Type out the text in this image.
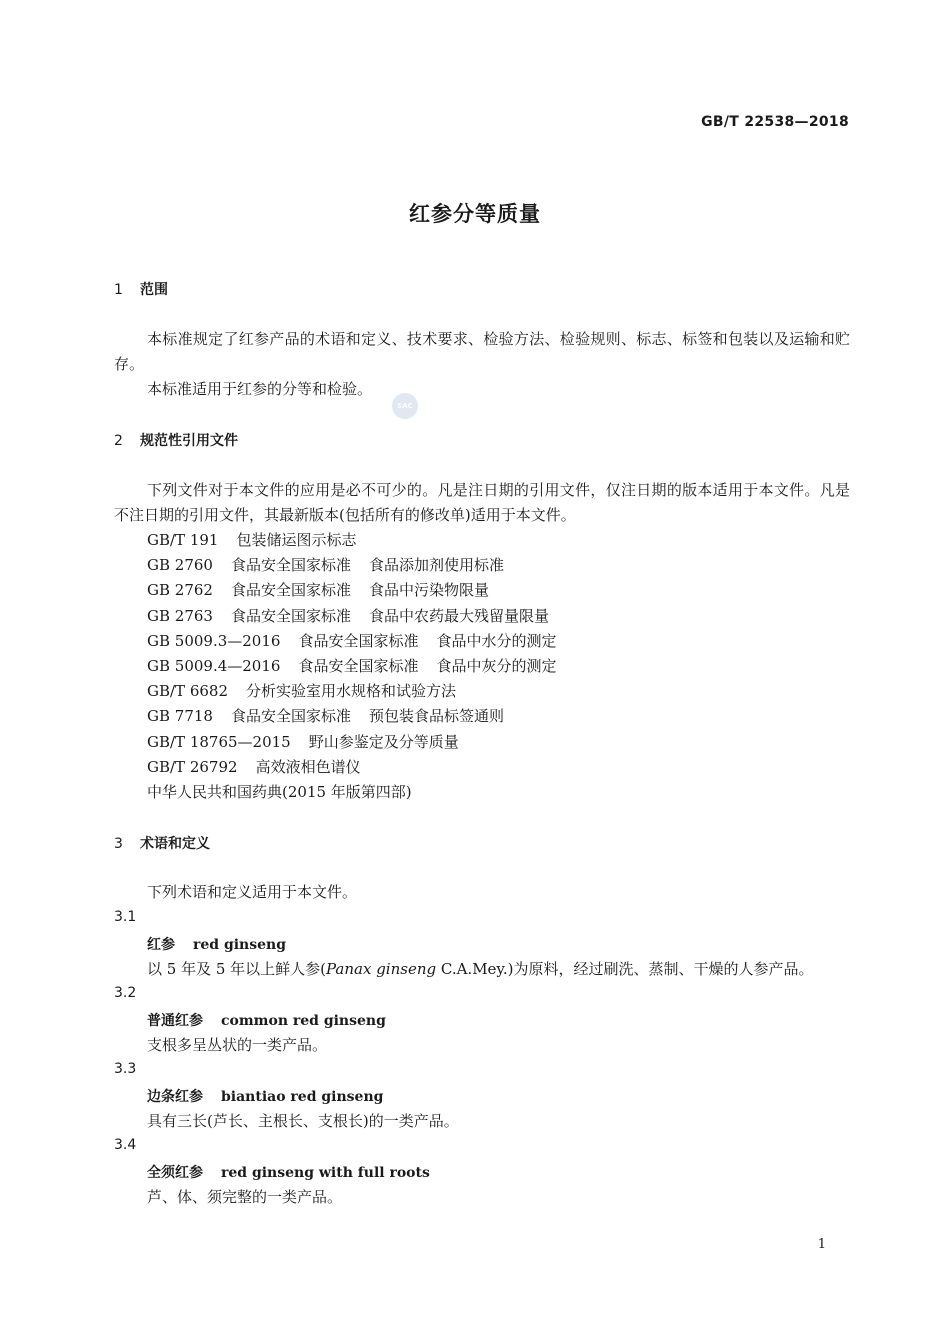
GB/T 22538—2018
红参分等质量
1 范围

本标准规定了红参产品的术语和定义、技术要求、检验方法、检验规则、标志、标签和包装以及运输和贮存。

本标准适用于红参的分等和检验。

SAC
2 规范性引用文件

下列文件对于本文件的应用是必不可少的。凡是注日期的引用文件，仅注日期的版本适用于本文件。凡是不注日期的引用文件，其最新版本(包括所有的修改单)适用于本文件。

GB/T 191 包装储运图示标志
GB 2760 食品安全国家标准 食品添加剂使用标准
GB 2762 食品安全国家标准 食品中污染物限量
GB 2763 食品安全国家标准 食品中农药最大残留量限量
GB 5009.3—2016 食品安全国家标准 食品中水分的测定
GB 5009.4—2016 食品安全国家标准 食品中灰分的测定
GB/T 6682 分析实验室用水规格和试验方法
GB 7718 食品安全国家标准 预包装食品标签通则
GB/T 18765—2015 野山参鉴定及分等质量
GB/T 26792 高效液相色谱仪
中华人民共和国药典(2015 年版第四部)
3 术语和定义
下列术语和定义适用于本文件。
3.1
红参 red ginseng
以 5 年及 5 年以上鲜人参(Panax ginseng C.A.Mey.)为原料，经过刷洗、蒸制、干燥的人参产品。
3.2
普通红参 common red ginseng
支根多呈丛状的一类产品。
3.3
边条红参 biantiao red ginseng
具有三长(芦长、主根长、支根长)的一类产品。
3.4
全须红参 red ginseng with full roots
芦、体、须完整的一类产品。
1
